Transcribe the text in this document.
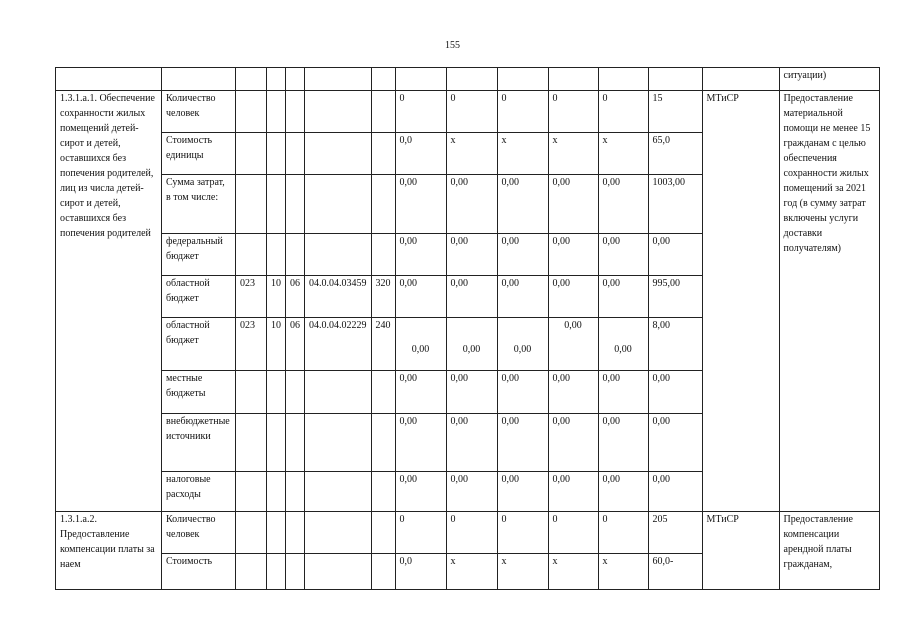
155
														ситуации)
1.3.1.а.1. Обеспечение сохранности жилых помещений детей-сирот и детей, оставшихся без попечения родителей, лиц из числа детей-сирот и детей, оставшихся без попечения родителей	Количество человек						0	0	0	0	0	15	МТиСР	Предоставление материальной помощи не менее 15 гражданам с целью обеспечения сохранности жилых помещений за 2021 год (в сумму затрат включены услуги доставки получателям)
	Стоимость единицы						0,0	х	х	х	х	65,0		
	Сумма затрат, в том числе:						0,00	0,00	0,00	0,00	0,00	1003,00		
	федеральный бюджет						0,00	0,00	0,00	0,00	0,00	0,00		
	областной бюджет	023	10	06	04.0.04.03459	320	0,00	0,00	0,00	0,00	0,00	995,00		
	областной бюджет	023	10	06	04.0.04.02229	240	0,00	0,00	0,00	0,00	0,00	8,00		
	местные бюджеты						0,00	0,00	0,00	0,00	0,00	0,00		
	внебюджетные источники						0,00	0,00	0,00	0,00	0,00	0,00		
	налоговые расходы						0,00	0,00	0,00	0,00	0,00	0,00		
1.3.1.а.2. Предоставление компенсации платы за наем	Количество человек						0	0	0	0	0	205	МТиСР	Предоставление компенсации арендной платы гражданам,
	Стоимость						0,0	х	х	х	х	60,0-		
